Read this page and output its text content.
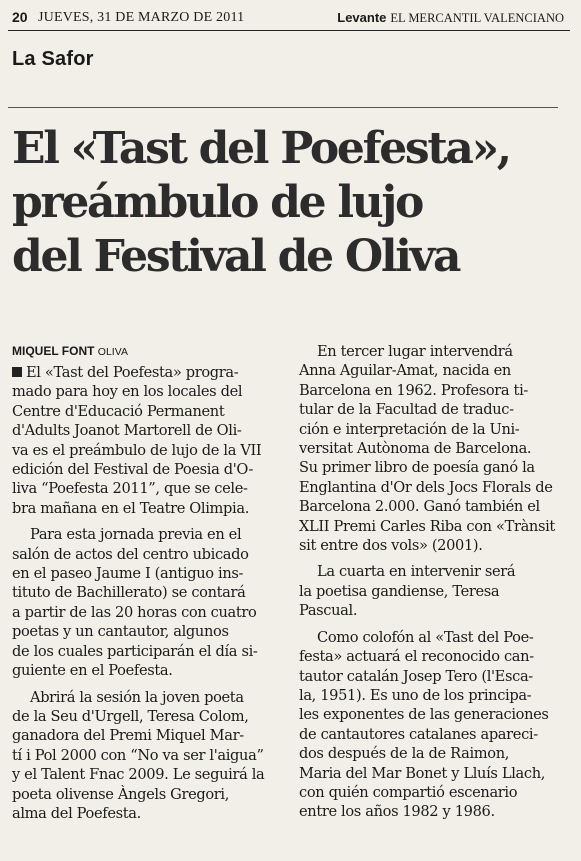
20 JUEVES, 31 DE MARZO DE 2011	Levante EL MERCANTIL VALENCIANO
La Safor
El «Tast del Poefesta»,
preámbulo de lujo
del Festival de Oliva
MIQUEL FONT OLIVA

El «Tast del Poefesta» progra-
mado para hoy en los locales del
Centre d'Educació Permanent
d'Adults Joanot Martorell de Oli-
va es el preámbulo de lujo de la VII
edición del Festival de Poesia d'O-
liva “Poefesta 2011”, que se cele-
bra mañana en el Teatre Olimpia.

Para esta jornada previa en el
salón de actos del centro ubicado
en el paseo Jaume I (antiguo ins-
tituto de Bachillerato) se contará
a partir de las 20 horas con cuatro
poetas y un cantautor, algunos
de los cuales participarán el día si-
guiente en el Poefesta.

Abrirá la sesión la joven poeta
de la Seu d'Urgell, Teresa Colom,
ganadora del Premi Miquel Mar-
tí i Pol 2000 con “No va ser l'aigua”
y el Talent Fnac 2009. Le seguirá la
poeta olivense Àngels Gregori,
alma del Poefesta.

En tercer lugar intervendrá
Anna Aguilar-Amat, nacida en
Barcelona en 1962. Profesora ti-
tular de la Facultad de traduc-
ción e interpretación de la Uni-
versitat Autònoma de Barcelona.
Su primer libro de poesía ganó la
Englantina d'Or dels Jocs Florals de
Barcelona 2.000. Ganó también el
XLII Premi Carles Riba con «Trànsit
sit entre dos vols» (2001).

La cuarta en intervenir será
la poetisa gandiense, Teresa
Pascual.

Como colofón al «Tast del Poe-
festa» actuará el reconocido can-
tautor catalán Josep Tero (l'Esca-
la, 1951). Es uno de los principa-
les exponentes de las generaciones
de cantautores catalanes apareci-
dos después de la de Raimon,
Maria del Mar Bonet y Lluís Llach,
con quién compartió escenario
entre los años 1982 y 1986.
